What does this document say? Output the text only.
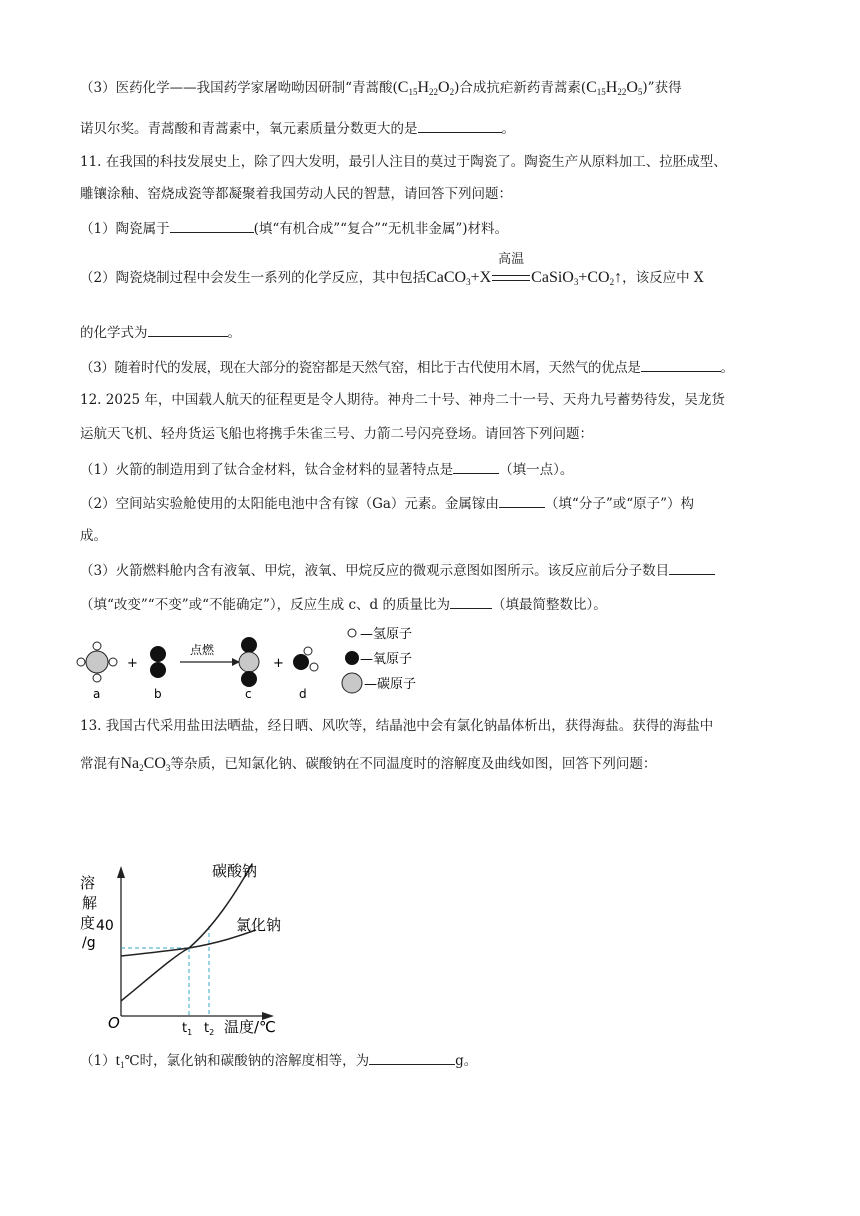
（3）医药化学——我国药学家屠呦呦因研制“青蒿酸$(C_{15}H_{22}O_2)$合成抗疟新药青蒿素$(C_{15}H_{22}O_5)$”获得
诺贝尔奖。青蒿酸和青蒿素中，氧元素质量分数更大的是	。
11. 在我国的科技发展史上，除了四大发明，最引人注目的莫过于陶瓷了。陶瓷生产从原料加工、拉胚成型、
雕镶涂釉、窑烧成瓷等都凝聚着我国劳动人民的智慧，请回答下列问题：
（1）陶瓷属于	(填“有机合成”“复合”“无机非金属”)材料。
（2）陶瓷烧制过程中会发生一系列的化学反应，其中包括CaCO$_3$+X
高温
$CaSiO_3+CO_2↑$，该反应中 X
的化学式为	。
（3）随着时代的发展，现在大部分的瓷窑都是天然气窑，相比于古代使用木屑，天然气的优点是	。
12. 2025 年，中国载人航天的征程更是令人期待。神舟二十号、神舟二十一号、天舟九号蓄势待发，吴龙货
运航天飞机、轻舟货运飞船也将携手朱雀三号、力箭二号闪亮登场。请回答下列问题：
（1）火箭的制造用到了钛合金材料，钛合金材料的显著特点是	（填一点）。
（2）空间站实验舱使用的太阳能电池中含有镓（Ga）元素。金属镓由	（填“分子”或“原子”）构
成。
（3）火箭燃料舱内含有液氧、甲烷，液氧、甲烷反应的微观示意图如图所示。该反应前后分子数目
（填“改变”“不变”或“不能确定”），反应生成 c、d 的质量比为	（填最简整数比）。
+
点燃
+
a	b	c	d
—氢原子
—氧原子
—碳原子
13. 我国古代采用盐田法晒盐，经日晒、风吹等，结晶池中会有氯化钠晶体析出，获得海盐。获得的海盐中
常混有$Na_2CO_3$等杂质，已知氯化钠、碳酸钠在不同温度时的溶解度及曲线如图，回答下列问题：
溶
解
度
/g
40
碳酸钠
氯化钠
O	$t_1$ $t_2$ 温度/℃
$(1)t_1℃$时，氯化钠和碳酸钠的溶解度相等，为	g。
